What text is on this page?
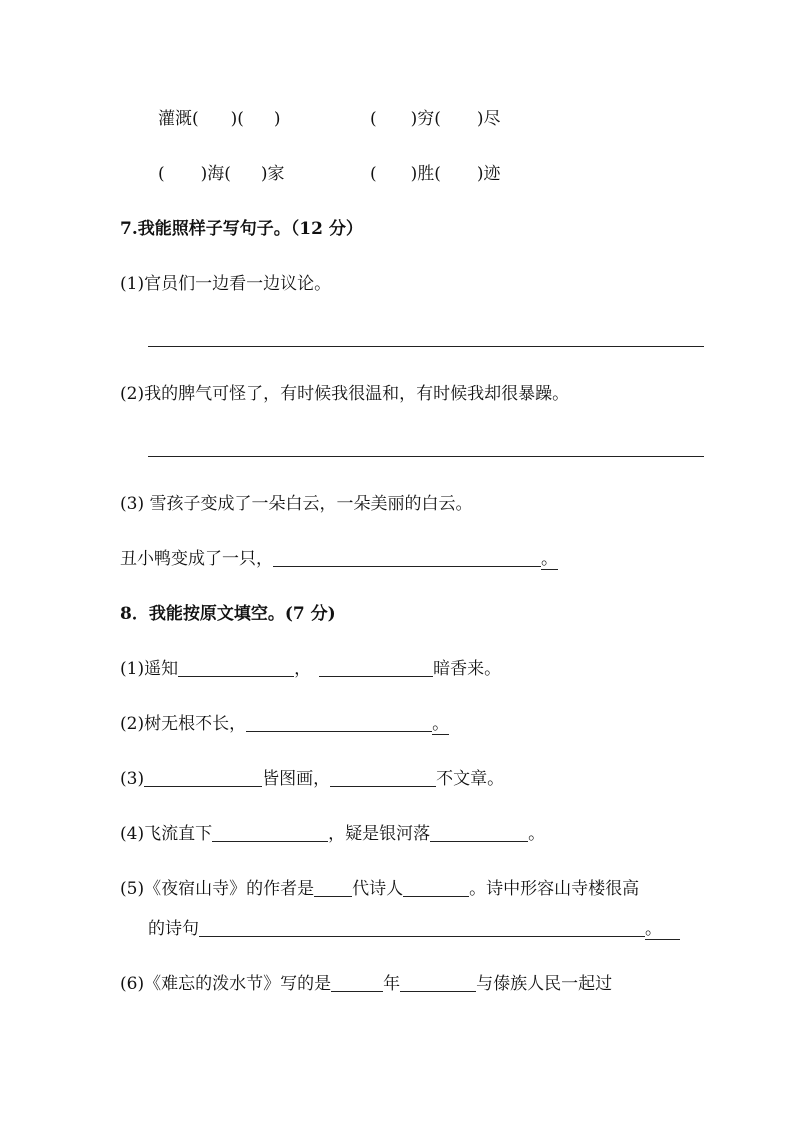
灌溉( )( )	( )穷( )尽
( )海( )家	( )胜( )迹
7.我能照样子写句子。（12 分）
(1)官员们一边看一边议论。
(2)我的脾气可怪了，有时候我很温和，有时候我却很暴躁。
(3) 雪孩子变成了一朵白云，一朵美丽的白云。
丑小鸭变成了一只，	。
8．我能按原文填空。(7 分)
(1)遥知	，	暗香来。
(2)树无根不长，	。
(3)	皆图画，	不文章。
(4)飞流直下	，疑是银河落	。
(5)《夜宿山寺》的作者是 代诗人	。诗中形容山寺楼很高
的诗句	。
(6)《难忘的泼水节》写的是	年	与傣族人民一起过
